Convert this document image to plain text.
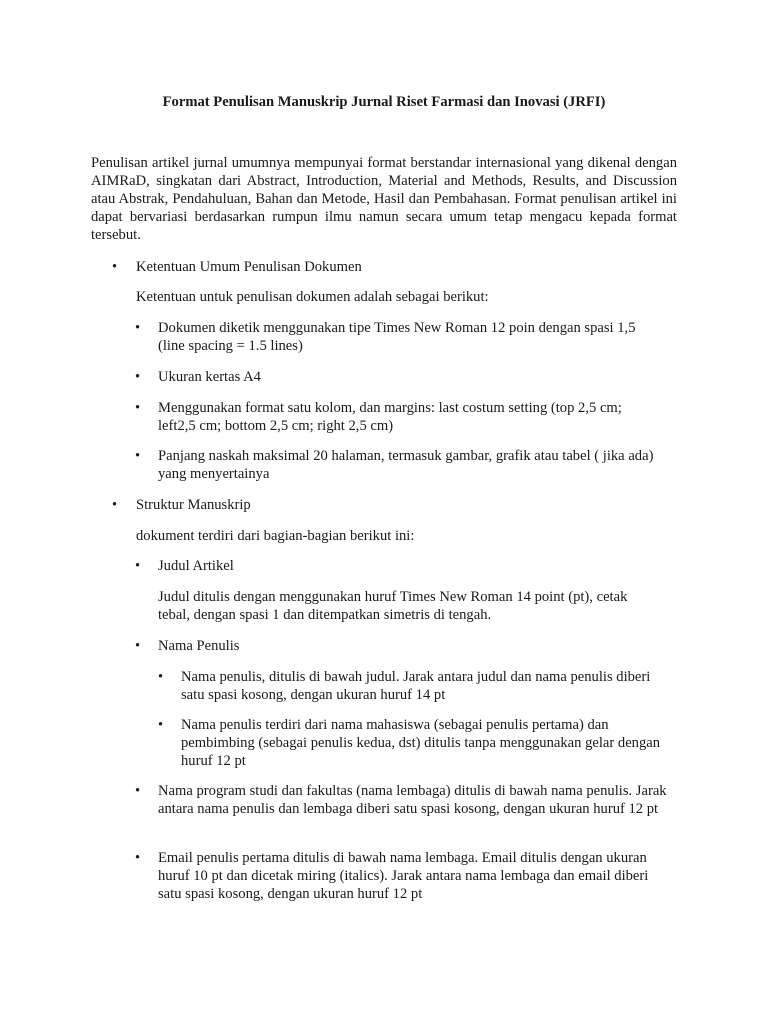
Format Penulisan Manuskrip Jurnal Riset Farmasi dan Inovasi (JRFI)

Penulisan artikel jurnal umumnya mempunyai format berstandar internasional yang dikenal dengan AIMRaD, singkatan dari Abstract, Introduction, Material and Methods, Results, and Discussion atau Abstrak, Pendahuluan, Bahan dan Metode, Hasil dan Pembahasan. Format penulisan artikel ini dapat bervariasi berdasarkan rumpun ilmu namun secara umum tetap mengacu kepada format tersebut.

• Ketentuan Umum Penulisan Dokumen
Ketentuan untuk penulisan dokumen adalah sebagai berikut:
• Dokumen diketik menggunakan tipe Times New Roman 12 poin dengan spasi 1,5 (line spacing = 1.5 lines)
• Ukuran kertas A4
• Menggunakan format satu kolom, dan margins: last costum setting (top 2,5 cm; left2,5 cm; bottom 2,5 cm; right 2,5 cm)
• Panjang naskah maksimal 20 halaman, termasuk gambar, grafik atau tabel ( jika ada) yang menyertainya
• Struktur Manuskrip
dokument terdiri dari bagian-bagian berikut ini:
• Judul Artikel
Judul ditulis dengan menggunakan huruf Times New Roman 14 point (pt), cetak tebal, dengan spasi 1 dan ditempatkan simetris di tengah.
• Nama Penulis
• Nama penulis, ditulis di bawah judul. Jarak antara judul dan nama penulis diberi satu spasi kosong, dengan ukuran huruf 14 pt
• Nama penulis terdiri dari nama mahasiswa (sebagai penulis pertama) dan pembimbing (sebagai penulis kedua, dst) ditulis tanpa menggunakan gelar dengan huruf 12 pt
• Nama program studi dan fakultas (nama lembaga) ditulis di bawah nama penulis. Jarak antara nama penulis dan lembaga diberi satu spasi kosong, dengan ukuran huruf 12 pt
• Email penulis pertama ditulis di bawah nama lembaga. Email ditulis dengan ukuran huruf 10 pt dan dicetak miring (italics). Jarak antara nama lembaga dan email diberi satu spasi kosong, dengan ukuran huruf 12 pt
